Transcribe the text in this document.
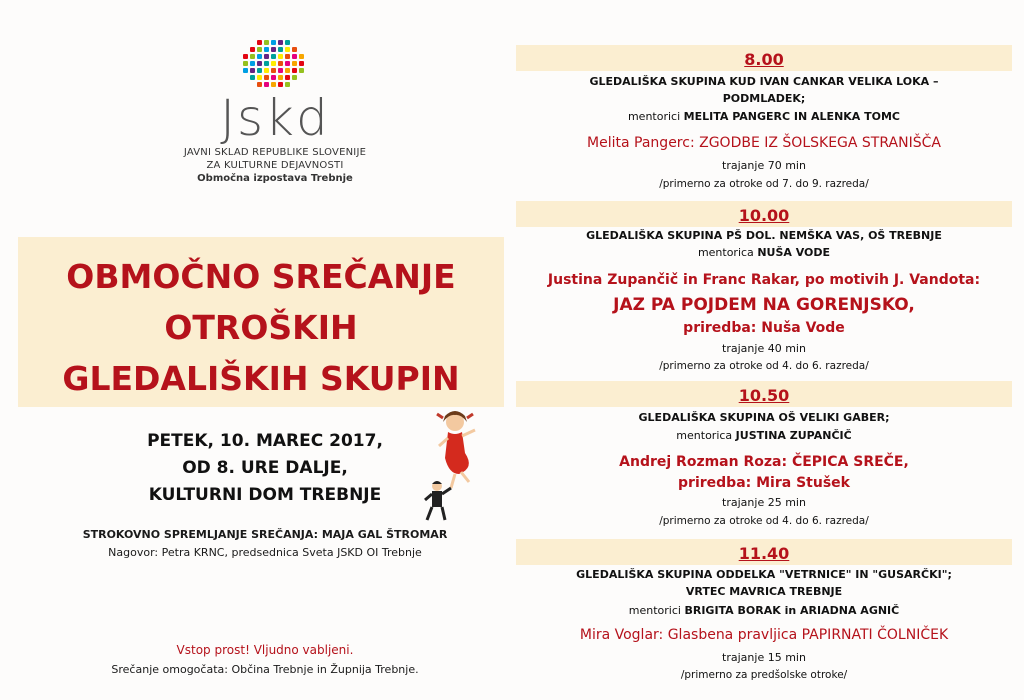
Jskd
JAVNI SKLAD REPUBLIKE SLOVENIJE
ZA KULTURNE DEJAVNOSTI
Območna izpostava Trebnje
OBMOČNO SREČANJE
OTROŠKIH
GLEDALIŠKIH SKUPIN
PETEK, 10. MAREC 2017,
OD 8. URE DALJE,
KULTURNI DOM TREBNJE
STROKOVNO SPREMLJANJE SREČANJA: MAJA GAL ŠTROMAR
Nagovor: Petra KRNC, predsednica Sveta JSKD OI Trebnje
Vstop prost! Vljudno vabljeni.
Srečanje omogočata: Občina Trebnje in Župnija Trebnje.
8.00
GLEDALIŠKA SKUPINA KUD IVAN CANKAR VELIKA LOKA –
PODMLADEK;
mentorici MELITA PANGERC IN ALENKA TOMC
Melita Pangerc: ZGODBE IZ ŠOLSKEGA STRANIŠČA
trajanje 70 min
/primerno za otroke od 7. do 9. razreda/
10.00
GLEDALIŠKA SKUPINA PŠ DOL. NEMŠKA VAS, OŠ TREBNJE
mentorica NUŠA VODE
Justina Zupančič in Franc Rakar, po motivih J. Vandota:
JAZ PA POJDEM NA GORENJSKO,
priredba: Nuša Vode
trajanje 40 min
/primerno za otroke od 4. do 6. razreda/
10.50
GLEDALIŠKA SKUPINA OŠ VELIKI GABER;
mentorica JUSTINA ZUPANČIČ
Andrej Rozman Roza: ČEPICA SREČE,
priredba: Mira Stušek
trajanje 25 min
/primerno za otroke od 4. do 6. razreda/
11.40
GLEDALIŠKA SKUPINA ODDELKA "VETRNICE" IN "GUSARČKI";
VRTEC MAVRICA TREBNJE
mentorici BRIGITA BORAK in ARIADNA AGNIČ
Mira Voglar: Glasbena pravljica PAPIRNATI ČOLNIČEK
trajanje 15 min
/primerno za predšolske otroke/
